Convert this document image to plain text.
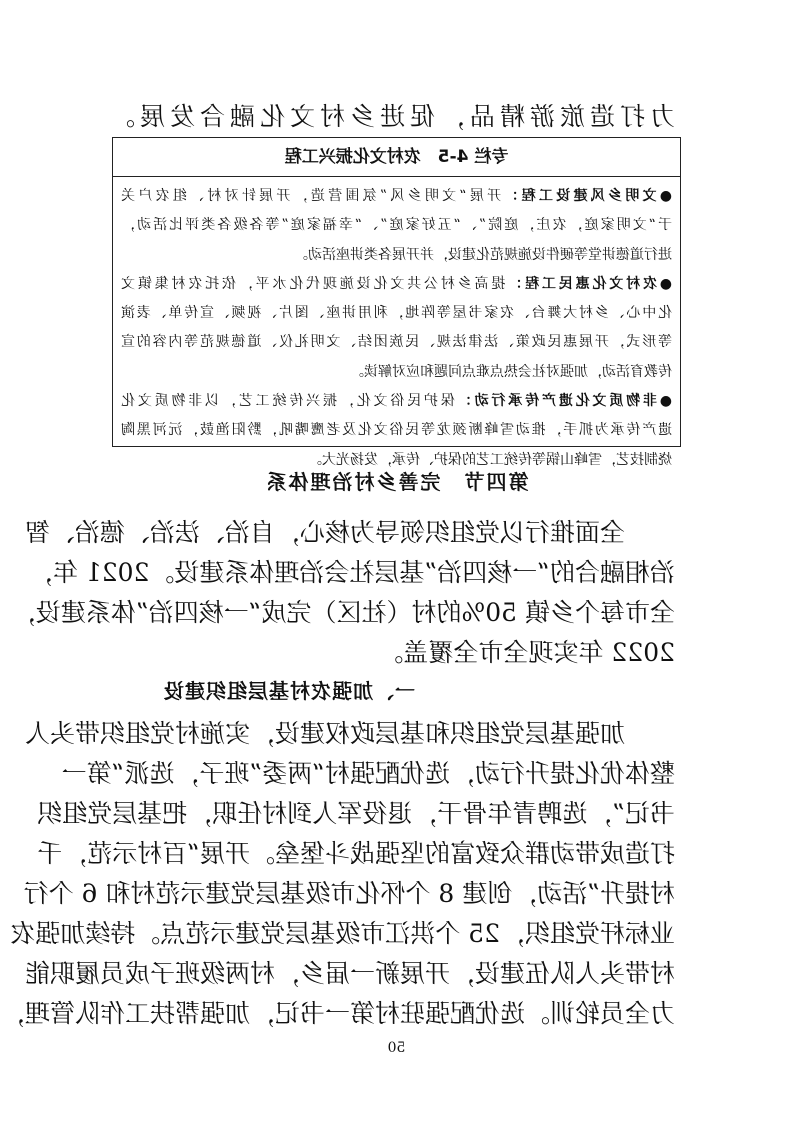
力打造旅游精品，促进乡村文化融合发展。
专栏 4-5　农村文化振兴工程
●文明乡风建设工程：开展“文明乡风”氛围营造，开展针对村、组农户关
于“文明家庭，农庄，庭院”、“五好家庭”、“幸福家庭”等各级各类评比活动，
进行道德讲堂等硬件设施规范化建设，并开展各类讲座活动。
●农村文化惠民工程：提高乡村公共文化设施现代化水平，依托农村集镇文
化中心、乡村大舞台、农家书屋等阵地，利用讲座、图片、视频、宣传单、表演
等形式，开展惠民政策、法律法规、民族团结、文明礼仪、道德规范等内容的宣
传教育活动，加强对社会热点难点问题和应对解读。
●非物质文化遗产传承行动：保护民俗文化，振兴传统工艺，以非物质文化
遗产传承为抓手，推动雪峰断颈龙等民俗文化及老鹰嘴吼，黔阳渔鼓，沅河黑陶
烧制技艺，雪峰山锅等传统工艺的保护、传承，发扬光大。
第四节　完善乡村治理体系
全面推行以党组织领导为核心，自治、法治、德治、智
治相融合的“一核四治”基层社会治理体系建设。2021 年，
全市每个乡镇 50%的村（社区）完成“一核四治”体系建设，
2022 年实现全市全覆盖。
一、加强农村基层组织建设
加强基层党组织和基层政权建设，实施村党组织带头人
整体优化提升行动，选优配强村“两委”班子，选派“第一
书记”，选聘青年骨干，退役军人到村任职，把基层党组织
打造成带动群众致富的坚强战斗堡垒。开展“百村示范，千
村提升”活动，创建 8 个怀化市级基层党建示范村和 6 个行
业标杆党组织，25 个洪江市级基层党建示范点。持续加强农
村带头人队伍建设，开展新一届乡，村两级班子成员履职能
力全员轮训。选优配强驻村第一书记，加强帮扶工作队管理，
50
